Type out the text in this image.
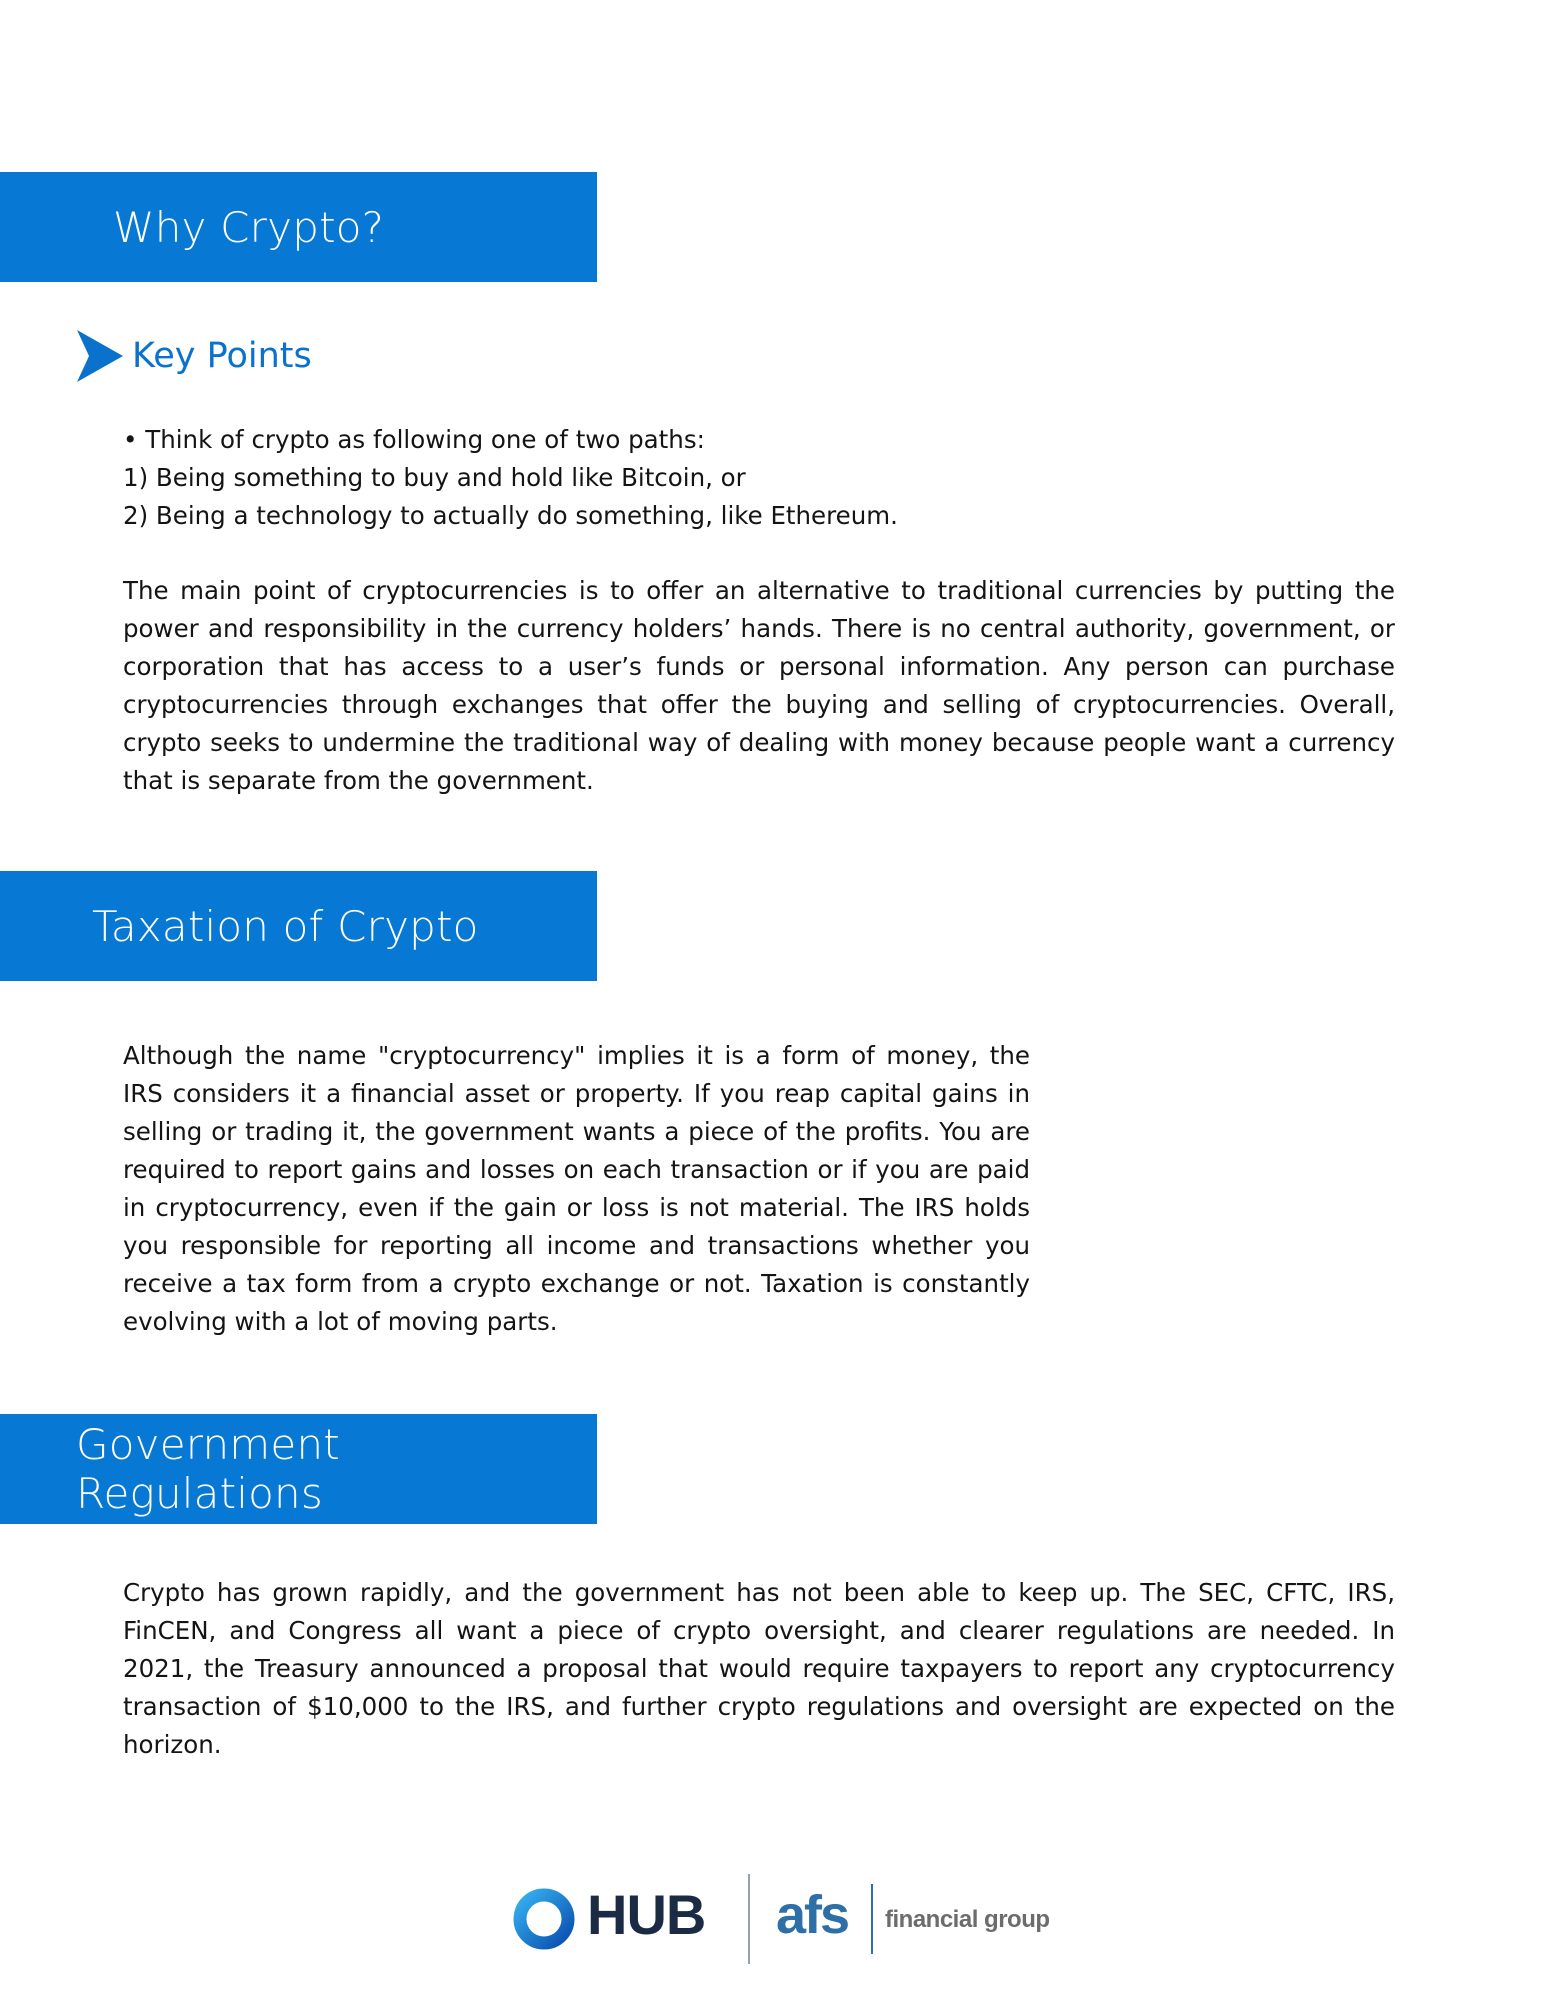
Why Crypto?
Key Points

• Think of crypto as following one of two paths:

1) Being something to buy and hold like Bitcoin, or

2) Being a technology to actually do something, like Ethereum.

The main point of cryptocurrencies is to offer an alternative to traditional currencies by putting the power and responsibility in the currency holders’ hands. There is no central authority, government, or corporation that has access to a user’s funds or personal information. Any person can purchase cryptocurrencies through exchanges that offer the buying and selling of cryptocurrencies. Overall, crypto seeks to undermine the traditional way of dealing with money because people want a currency that is separate from the government.
Taxation of Crypto
Although the name "cryptocurrency" implies it is a form of money, the IRS considers it a financial asset or property. If you reap capital gains in selling or trading it, the government wants a piece of the profits. You are required to report gains and losses on each transaction or if you are paid in cryptocurrency, even if the gain or loss is not material. The IRS holds you responsible for reporting all income and transactions whether you receive a tax form from a crypto exchange or not. Taxation is constantly evolving with a lot of moving parts.
Government Regulations
Crypto has grown rapidly, and the government has not been able to keep up. The SEC, CFTC, IRS, FinCEN, and Congress all want a piece of crypto oversight, and clearer regulations are needed. In 2021, the Treasury announced a proposal that would require taxpayers to report any cryptocurrency transaction of $10,000 to the IRS, and further crypto regulations and oversight are expected on the horizon.
HUB afs financial group
